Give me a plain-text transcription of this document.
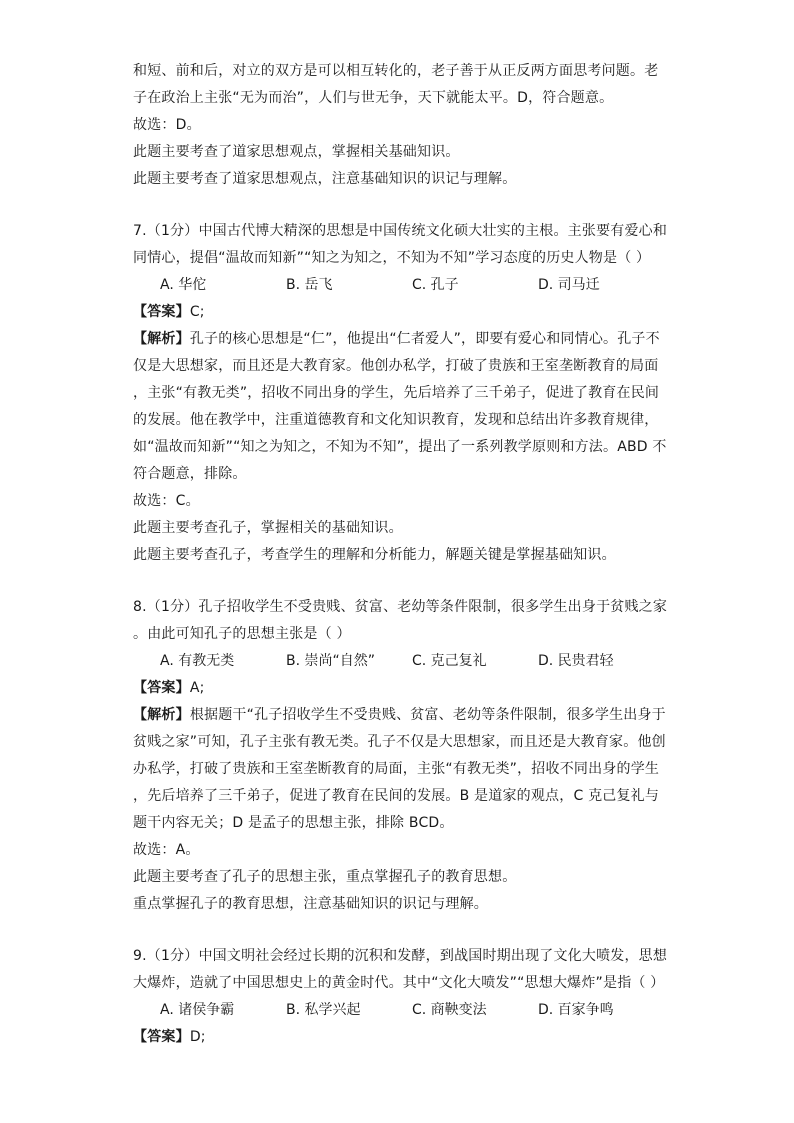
和短、前和后，对立的双方是可以相互转化的，老子善于从正反两方面思考问题。老
子在政治上主张“无为而治”，人们与世无争，天下就能太平。D，符合题意。
故选：D。
此题主要考查了道家思想观点，掌握相关基础知识。
此题主要考查了道家思想观点，注意基础知识的识记与理解。
7.（1分）中国古代博大精深的思想是中国传统文化硕大壮实的主根。主张要有爱心和
同情心，提倡“温故而知新”“知之为知之，不知为不知”学习态度的历史人物是（ ）
A. 华佗	B. 岳飞	C. 孔子	D. 司马迁
【答案】C;
【解析】孔子的核心思想是“仁”，他提出“仁者爱人”，即要有爱心和同情心。孔子不
仅是大思想家，而且还是大教育家。他创办私学，打破了贵族和王室垄断教育的局面
，主张“有教无类”，招收不同出身的学生，先后培养了三千弟子，促进了教育在民间
的发展。他在教学中，注重道德教育和文化知识教育，发现和总结出许多教育规律，
如“温故而知新”“知之为知之，不知为不知”，提出了一系列教学原则和方法。ABD 不
符合题意，排除。
故选：C。
此题主要考查孔子，掌握相关的基础知识。
此题主要考查孔子，考查学生的理解和分析能力，解题关键是掌握基础知识。
8.（1分）孔子招收学生不受贵贱、贫富、老幼等条件限制，很多学生出身于贫贱之家
。由此可知孔子的思想主张是（ ）
A. 有教无类	B. 崇尚“自然”	C. 克己复礼	D. 民贵君轻
【答案】A;
【解析】根据题干“孔子招收学生不受贵贱、贫富、老幼等条件限制，很多学生出身于
贫贱之家”可知，孔子主张有教无类。孔子不仅是大思想家，而且还是大教育家。他创
办私学，打破了贵族和王室垄断教育的局面，主张“有教无类”，招收不同出身的学生
，先后培养了三千弟子，促进了教育在民间的发展。B 是道家的观点，C 克己复礼与
题干内容无关；D 是孟子的思想主张，排除 BCD。
故选：A。
此题主要考查了孔子的思想主张，重点掌握孔子的教育思想。
重点掌握孔子的教育思想，注意基础知识的识记与理解。
9.（1分）中国文明社会经过长期的沉积和发酵，到战国时期出现了文化大喷发，思想
大爆炸，造就了中国思想史上的黄金时代。其中“文化大喷发”“思想大爆炸”是指（ ）
A. 诸侯争霸	B. 私学兴起	C. 商鞅变法	D. 百家争鸣
【答案】D;
